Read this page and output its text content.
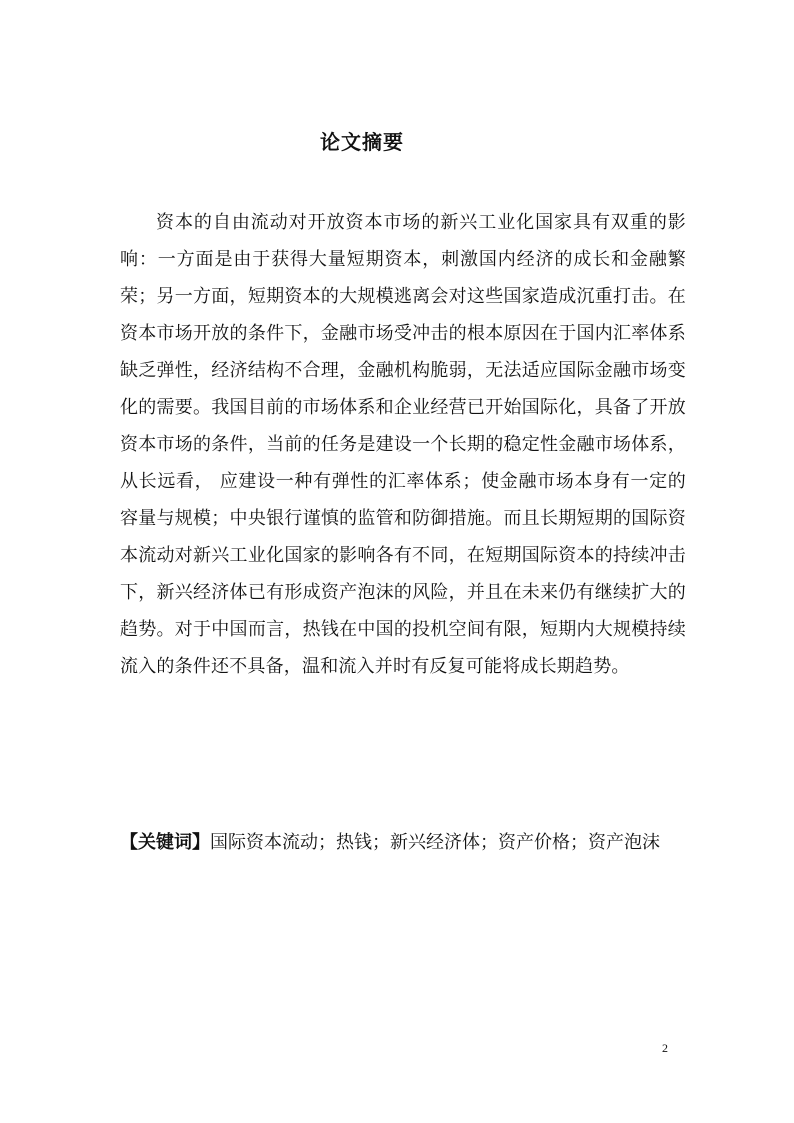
论文摘要
资本的自由流动对开放资本市场的新兴工业化国家具有双重的影响：一方面是由于获得大量短期资本，刺激国内经济的成长和金融繁荣；另一方面，短期资本的大规模逃离会对这些国家造成沉重打击。在资本市场开放的条件下，金融市场受冲击的根本原因在于国内汇率体系缺乏弹性，经济结构不合理，金融机构脆弱，无法适应国际金融市场变化的需要。我国目前的市场体系和企业经营已开始国际化，具备了开放资本市场的条件，当前的任务是建设一个长期的稳定性金融市场体系， 从长远看， 应建设一种有弹性的汇率体系；使金融市场本身有一定的容量与规模；中央银行谨慎的监管和防御措施。而且长期短期的国际资本流动对新兴工业化国家的影响各有不同，在短期国际资本的持续冲击下，新兴经济体已有形成资产泡沫的风险，并且在未来仍有继续扩大的趋势。对于中国而言，热钱在中国的投机空间有限，短期内大规模持续流入的条件还不具备，温和流入并时有反复可能将成长期趋势。
【关键词】国际资本流动；热钱；新兴经济体；资产价格；资产泡沫
2
